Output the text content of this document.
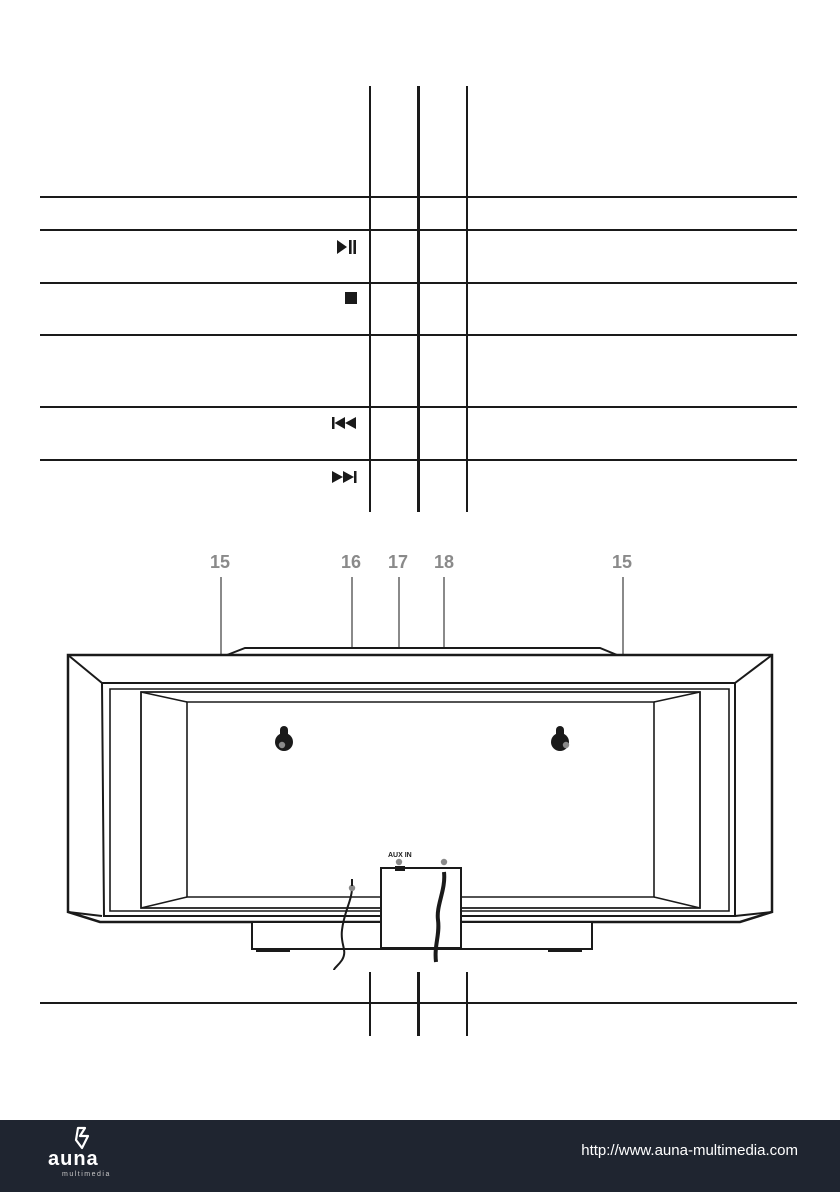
15	16 17 18	15
AUX IN
auna
multimedia
http://www.auna-multimedia.com
